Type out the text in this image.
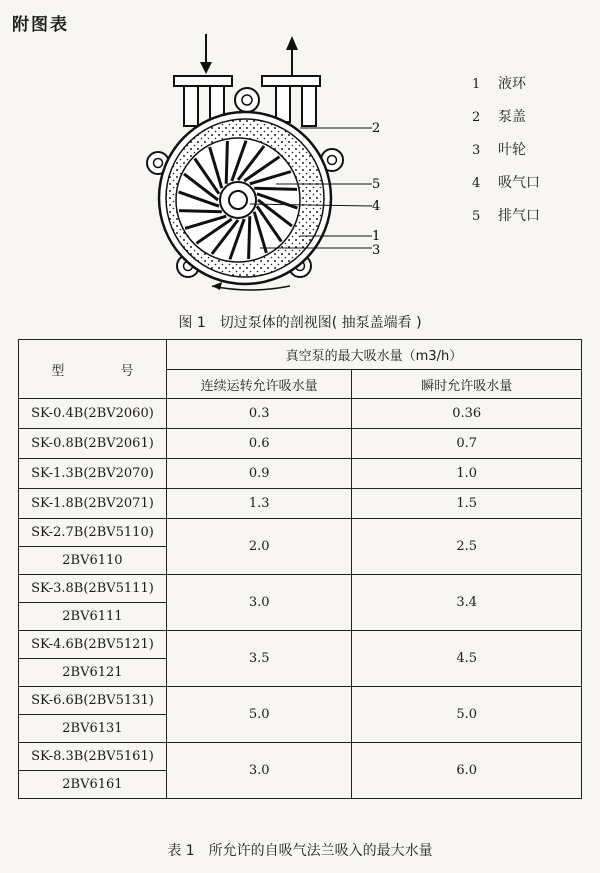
附图表
2
5
4
1
3
1 液环
2 泵盖
3 叶轮
4 吸气口
5 排气口
图 1　切过泵体的剖视图( 抽泵盖端看 )
型 号	真空泵的最大吸水量（m3/h）	
	连续运转允许吸水量	瞬时允许吸水量
SK-0.4B(2BV2060)	0.3	0.36
SK-0.8B(2BV2061)	0.6	0.7
SK-1.3B(2BV2070)	0.9	1.0
SK-1.8B(2BV2071)	1.3	1.5
SK-2.7B(2BV5110)	2.0	2.5
2BV6110		
SK-3.8B(2BV5111)	3.0	3.4
2BV6111		
SK-4.6B(2BV5121)	3.5	4.5
2BV6121		
SK-6.6B(2BV5131)	5.0	5.0
2BV6131		
SK-8.3B(2BV5161)	3.0	6.0
2BV6161		
表 1　所允许的自吸气法兰吸入的最大水量
